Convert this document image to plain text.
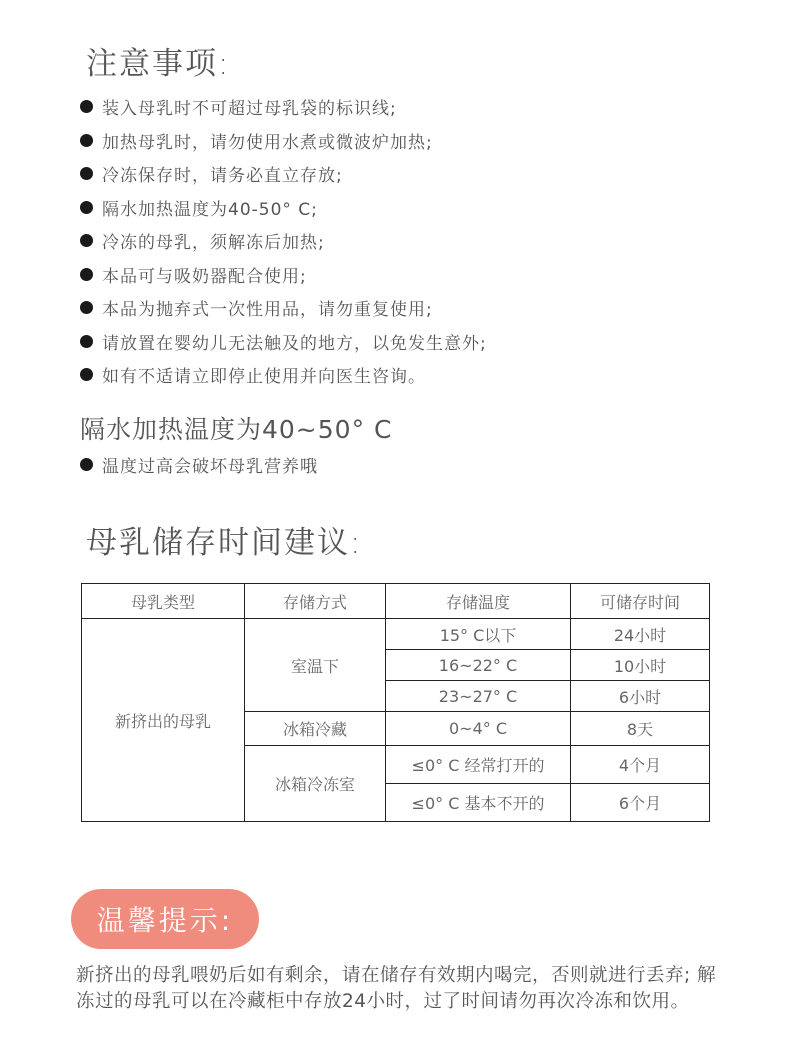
注意事项:
装入母乳时不可超过母乳袋的标识线;
加热母乳时，请勿使用水煮或微波炉加热;
冷冻保存时，请务必直立存放;
隔水加热温度为40-50° C;
冷冻的母乳，须解冻后加热;
本品可与吸奶器配合使用;
本品为抛弃式一次性用品，请勿重复使用;
请放置在婴幼儿无法触及的地方，以免发生意外;
如有不适请立即停止使用并向医生咨询。
隔水加热温度为40~50° C
温度过高会破坏母乳营养哦
母乳储存时间建议:
母乳类型	存储方式	存储温度	可储存时间
新挤出的母乳	室温下	15° C以下	24小时
		16~22° C	10小时
		23~27° C	6小时
	冰箱冷藏	0~4° C	8天
	冰箱冷冻室	≤0° C 经常打开的	4个月
		≤0° C 基本不开的	6个月
温馨提示:
新挤出的母乳喂奶后如有剩余，请在储存有效期内喝完，否则就进行丢弃; 解冻过的母乳可以在冷藏柜中存放24小时，过了时间请勿再次冷冻和饮用。
